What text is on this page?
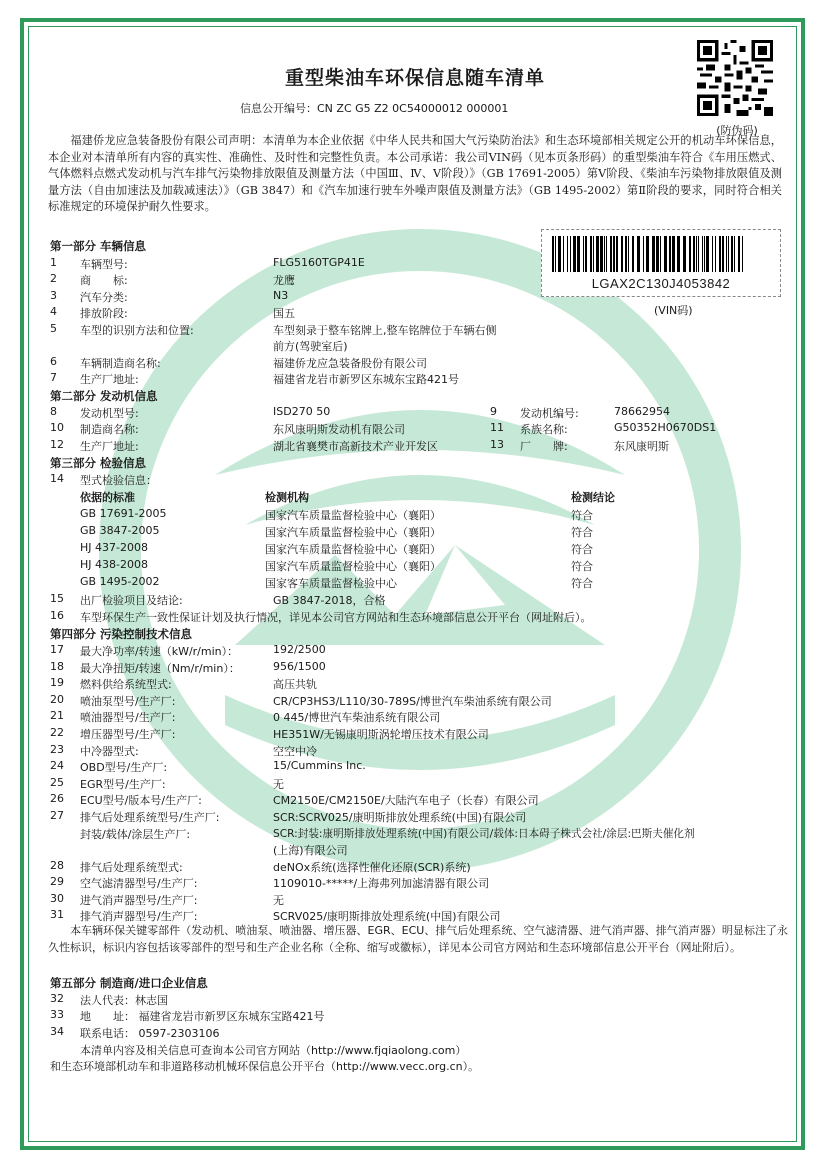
重型柴油车环保信息随车清单
信息公开编号：CN ZC G5 Z2 0C54000012 000001
(防伪码)
福建侨龙应急装备股份有限公司声明：本清单为本企业依据《中华人民共和国大气污染防治法》和生态环境部相关规定公开的机动车环保信息，本企业对本清单所有内容的真实性、准确性、及时性和完整性负责。本公司承诺：我公司VIN码（见本页条形码）的重型柴油车符合《车用压燃式、气体燃料点燃式发动机与汽车排气污染物排放限值及测量方法（中国Ⅲ、Ⅳ、Ⅴ阶段）》（GB 17691-2005）第Ⅴ阶段、《柴油车污染物排放限值及测量方法（自由加速法及加载减速法）》（GB 3847）和《汽车加速行驶车外噪声限值及测量方法》（GB 1495-2002）第Ⅱ阶段的要求，同时符合相关标准规定的环境保护耐久性要求。
LGAX2C130J4053842
(VIN码)
第一部分 车辆信息
1 车辆型号:	FLG5160TGP41E
2 商　　标:	龙鹰
3 汽车分类:	N3
4 排放阶段:	国五
5 车型的识别方法和位置:	车型刻录于整车铭牌上,整车铭牌位于车辆右侧
前方(驾驶室后)
6 车辆制造商名称:	福建侨龙应急装备股份有限公司
7 生产厂地址:	福建省龙岩市新罗区东城东宝路421号
第二部分 发动机信息
8 发动机型号:	ISD270 50	9 发动机编号:	78662954
10 制造商名称:	东风康明斯发动机有限公司	11 系族名称:	G50352H0670DS1
12 生产厂地址:	湖北省襄樊市高新技术产业开发区	13 厂　　牌:	东风康明斯
第三部分 检验信息
14 型式检验信息：
依据的标准	检测机构	检测结论
GB 17691-2005	国家汽车质量监督检验中心（襄阳）	符合
GB 3847-2005	国家汽车质量监督检验中心（襄阳）	符合
HJ 437-2008	国家汽车质量监督检验中心（襄阳）	符合
HJ 438-2008	国家汽车质量监督检验中心（襄阳）	符合
GB 1495-2002	国家客车质量监督检验中心	符合
15 出厂检验项目及结论:	GB 3847-2018，合格
16 车型环保生产一致性保证计划及执行情况，详见本公司官方网站和生态环境部信息公开平台（网址附后）。
第四部分 污染控制技术信息
17 最大净功率/转速（kW/r/min）：	192/2500
18 最大净扭矩/转速（Nm/r/min）：	956/1500
19 燃料供给系统型式:	高压共轨
20 喷油泵型号/生产厂:	CR/CP3HS3/L110/30-789S/博世汽车柴油系统有限公司
21 喷油器型号/生产厂:	0 445/博世汽车柴油系统有限公司
22 增压器型号/生产厂:	HE351W/无锡康明斯涡轮增压技术有限公司
23 中冷器型式:	空空中冷
24 OBD型号/生产厂:	15/Cummins Inc.
25 EGR型号/生产厂:	无
26 ECU型号/版本号/生产厂:	CM2150E/CM2150E/大陆汽车电子（长春）有限公司
27 排气后处理系统型号/生产厂:	SCR:SCRV025/康明斯排放处理系统(中国)有限公司
封装/载体/涂层生产厂:	SCR:封装:康明斯排放处理系统(中国)有限公司/载体:日本碍子株式会社/涂层:巴斯夫催化剂
(上海)有限公司
28 排气后处理系统型式:	deNOx系统(选择性催化还原(SCR)系统)
29 空气滤清器型号/生产厂:	1109010-*****/上海弗列加滤清器有限公司
30 进气消声器型号/生产厂:	无
31 排气消声器型号/生产厂:	SCRV025/康明斯排放处理系统(中国)有限公司
本车辆环保关键零部件（发动机、喷油泵、喷油器、增压器、EGR、ECU、排气后处理系统、空气滤清器、进气消声器、排气消声器）明显标注了永久性标识，标识内容包括该零部件的型号和生产企业名称（全称、缩写或徽标），详见本公司官方网站和生态环境部信息公开平台（网址附后）。
第五部分 制造商/进口企业信息
32 法人代表：林志国
33 地　　址： 福建省龙岩市新罗区东城东宝路421号
34 联系电话： 0597-2303106
本清单内容及相关信息可查询本公司官方网站（http://www.fjqiaolong.com）
和生态环境部机动车和非道路移动机械环保信息公开平台（http://www.vecc.org.cn）。
